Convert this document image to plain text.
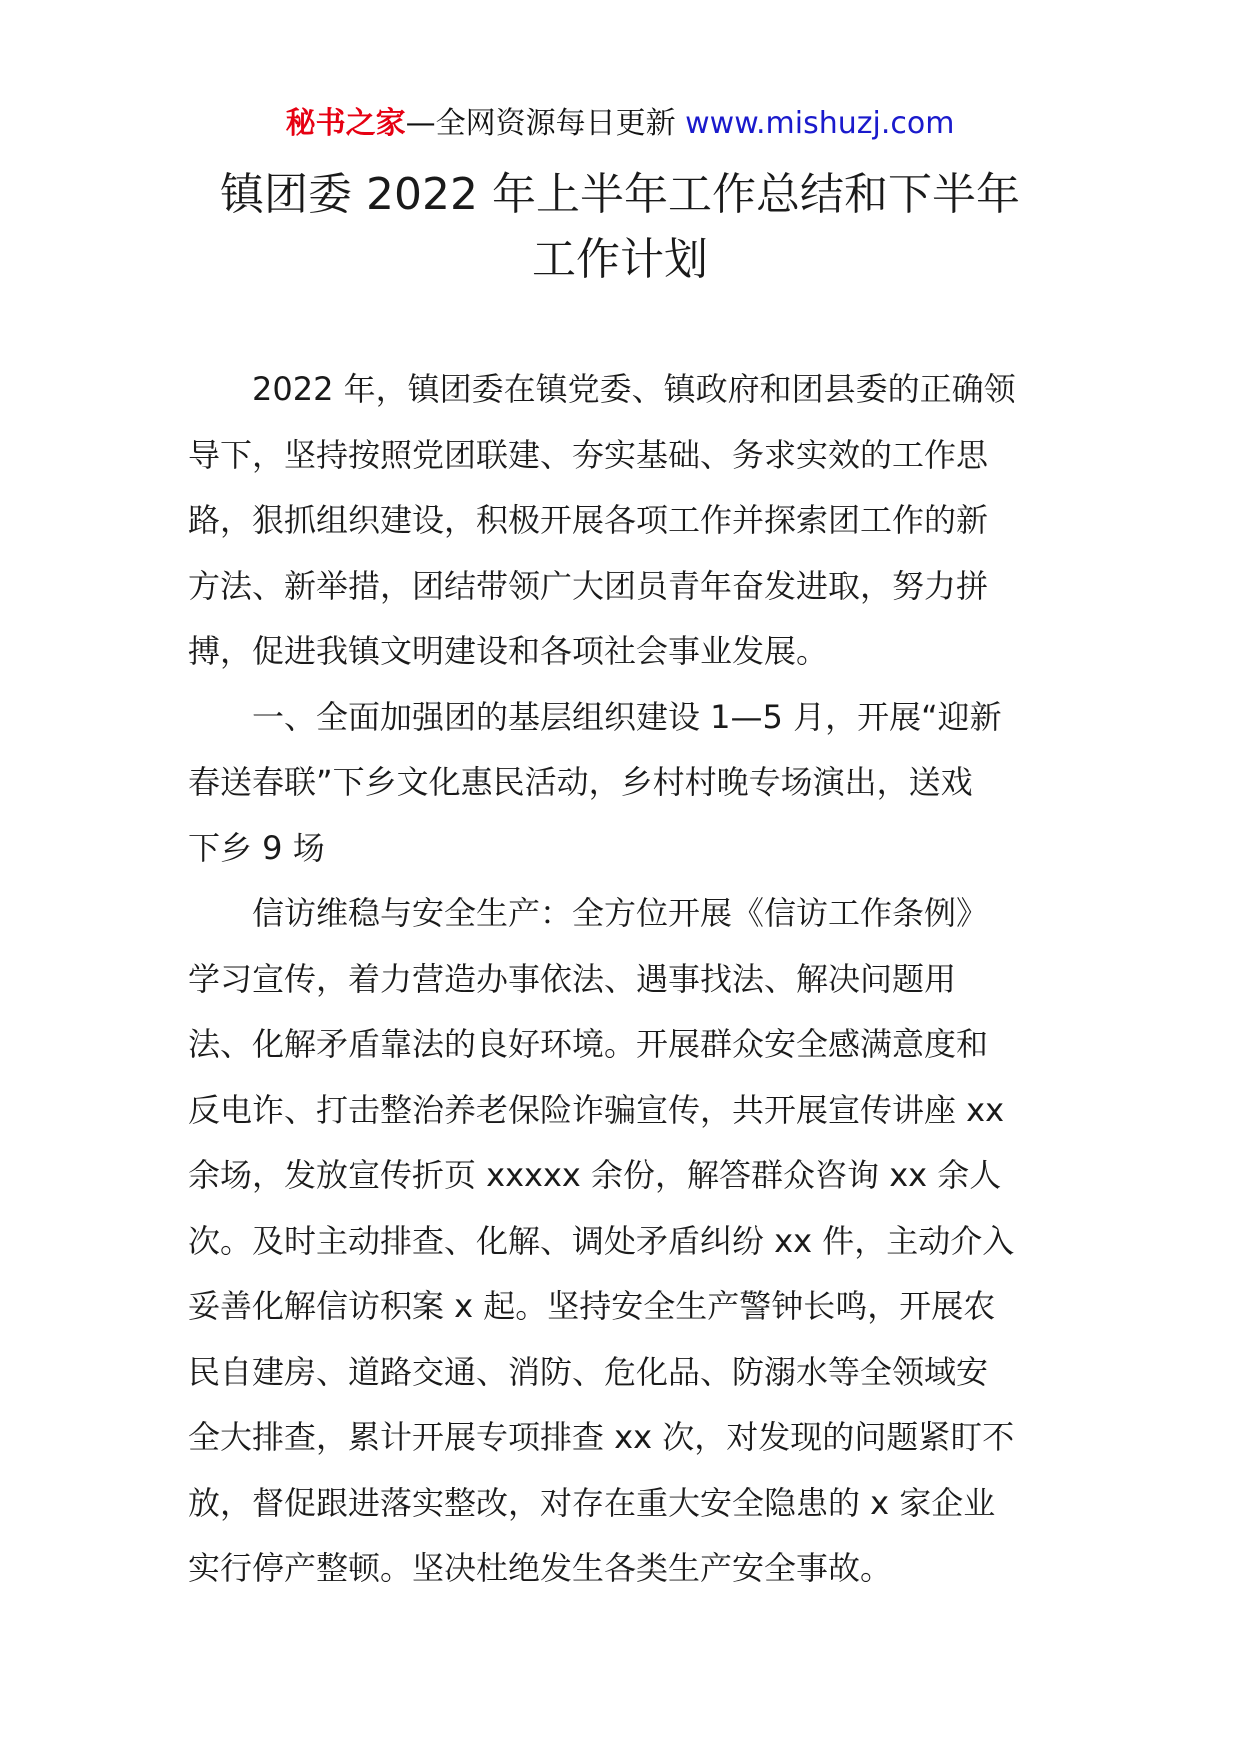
秘书之家—全网资源每日更新 www.mishuzj.com
镇团委 2022 年上半年工作总结和下半年
工作计划
　　2022 年，镇团委在镇党委、镇政府和团县委的正确领
导下，坚持按照党团联建、夯实基础、务求实效的工作思
路，狠抓组织建设，积极开展各项工作并探索团工作的新
方法、新举措，团结带领广大团员青年奋发进取，努力拼
搏，促进我镇文明建设和各项社会事业发展。
　　一、全面加强团的基层组织建设 1—5 月，开展“迎新
春送春联”下乡文化惠民活动，乡村村晚专场演出，送戏
下乡 9 场
　　信访维稳与安全生产：全方位开展《信访工作条例》
学习宣传，着力营造办事依法、遇事找法、解决问题用
法、化解矛盾靠法的良好环境。开展群众安全感满意度和
反电诈、打击整治养老保险诈骗宣传，共开展宣传讲座 xx
余场，发放宣传折页 xxxxx 余份，解答群众咨询 xx 余人
次。及时主动排查、化解、调处矛盾纠纷 xx 件，主动介入
妥善化解信访积案 x 起。坚持安全生产警钟长鸣，开展农
民自建房、道路交通、消防、危化品、防溺水等全领域安
全大排查，累计开展专项排查 xx 次，对发现的问题紧盯不
放，督促跟进落实整改，对存在重大安全隐患的 x 家企业
实行停产整顿。坚决杜绝发生各类生产安全事故。
